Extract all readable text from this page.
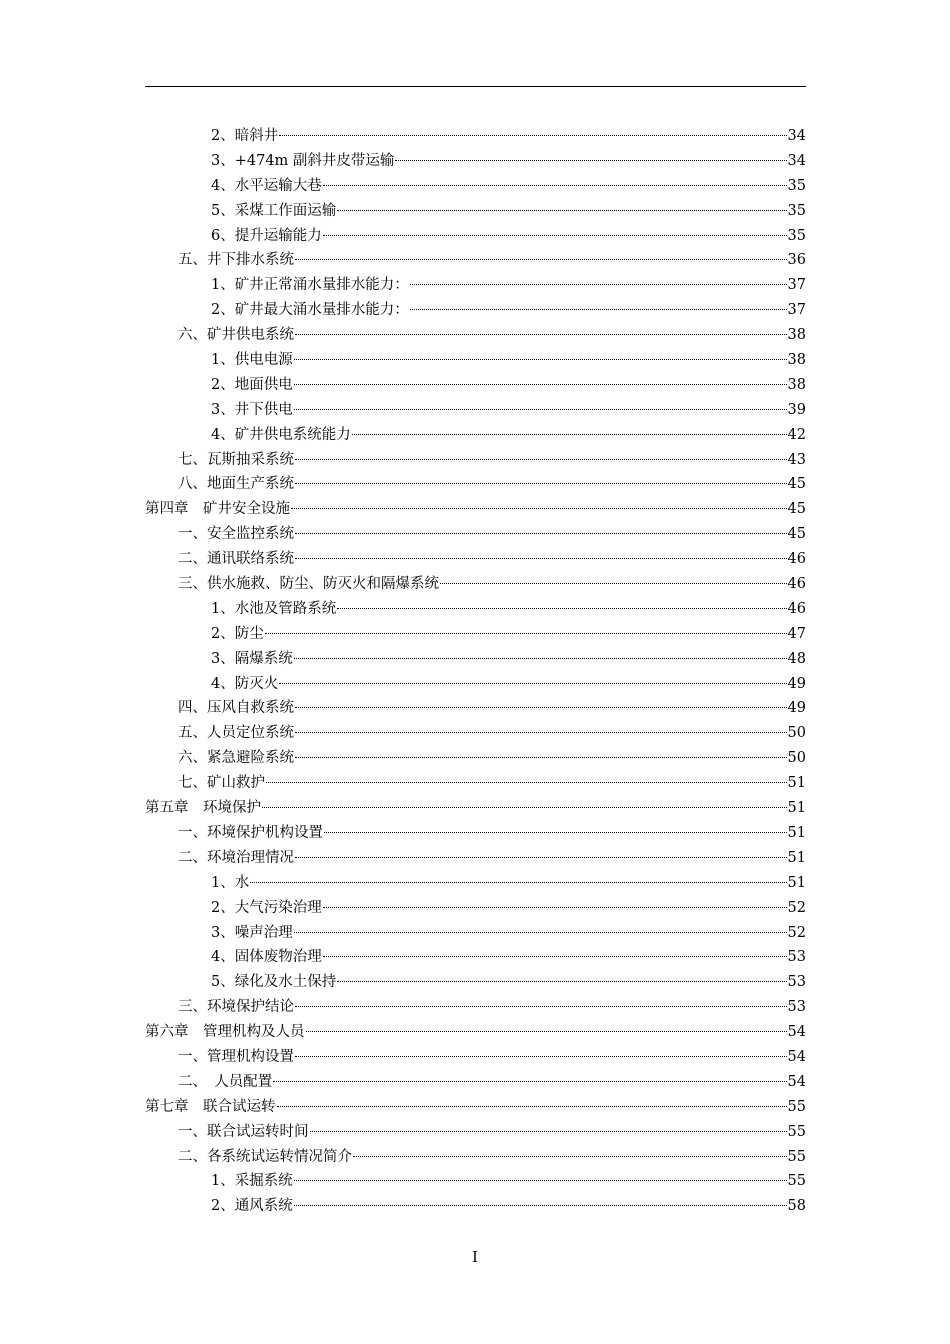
2、暗斜井	34
3、+474m 副斜井皮带运输	34
4、水平运输大巷	35
5、采煤工作面运输	35
6、提升运输能力	35
五、井下排水系统	36
1、矿井正常涌水量排水能力：	37
2、矿井最大涌水量排水能力：	37
六、矿井供电系统	38
1、供电电源	38
2、地面供电	38
3、井下供电	39
4、矿井供电系统能力	42
七、瓦斯抽采系统	43
八、地面生产系统	45
第四章　矿井安全设施	45
一、安全监控系统	45
二、通讯联络系统	46
三、供水施救、防尘、防灭火和隔爆系统	46
1、水池及管路系统	46
2、防尘	47
3、隔爆系统	48
4、防灭火	49
四、压风自救系统	49
五、人员定位系统	50
六、紧急避险系统	50
七、矿山救护	51
第五章　环境保护	51
一、环境保护机构设置	51
二、环境治理情况	51
1、水	51
2、大气污染治理	52
3、噪声治理	52
4、固体废物治理	53
5、绿化及水土保持	53
三、环境保护结论	53
第六章　管理机构及人员	54
一、管理机构设置	54
二、　人员配置	54
第七章　联合试运转	55
一、联合试运转时间	55
二、各系统试运转情况简介	55
1、采掘系统	55
2、通风系统	58
I
